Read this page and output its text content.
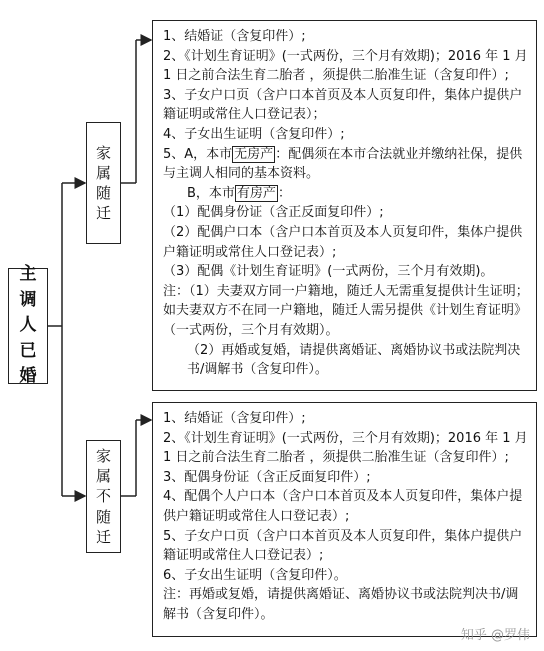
主
调
人
已
婚
家
属
随
迁
家
属
不
随
迁
1、结婚证（含复印件）;
2、《计划生育证明》(一式两份，三个月有效期)；2016 年 1 月 1 日之前合法生育二胎者 ，须提供二胎准生证（含复印件）;
3、子女户口页（含户口本首页及本人页复印件，集体户提供户籍证明或常住人口登记表）；
4、子女出生证明（含复印件）;
5、A，本市 无房产 ：配偶须在本市合法就业并缴纳社保，提供与主调人相同的基本资料。
B，本市 有房产 ：
（1）配偶身份证（含正反面复印件）;
（2）配偶户口本（含户口本首页及本人页复印件，集体户提供户籍证明或常住人口登记表）;
（3）配偶《计划生育证明》(一式两份，三个月有效期)。
注：（1）夫妻双方同一户籍地，随迁人无需重复提供计生证明；如夫妻双方不在同一户籍地，随迁人需另提供《计划生育证明》（一式两份，三个月有效期）。
（2）再婚或复婚，请提供离婚证、离婚协议书或法院判决书/调解书（含复印件）。
1、结婚证（含复印件）;
2、《计划生育证明》(一式两份，三个月有效期)；2016 年 1 月 1 日之前合法生育二胎者 ，须提供二胎准生证（含复印件）;
3、配偶身份证（含正反面复印件）;
4、配偶个人户口本（含户口本首页及本人页复印件，集体户提供户籍证明或常住人口登记表）;
5、子女户口页（含户口本首页及本人页复印件，集体户提供户籍证明或常住人口登记表）;
6、子女出生证明（含复印件）。
注：再婚或复婚，请提供离婚证、离婚协议书或法院判决书/调解书（含复印件）。
知乎 @罗伟
